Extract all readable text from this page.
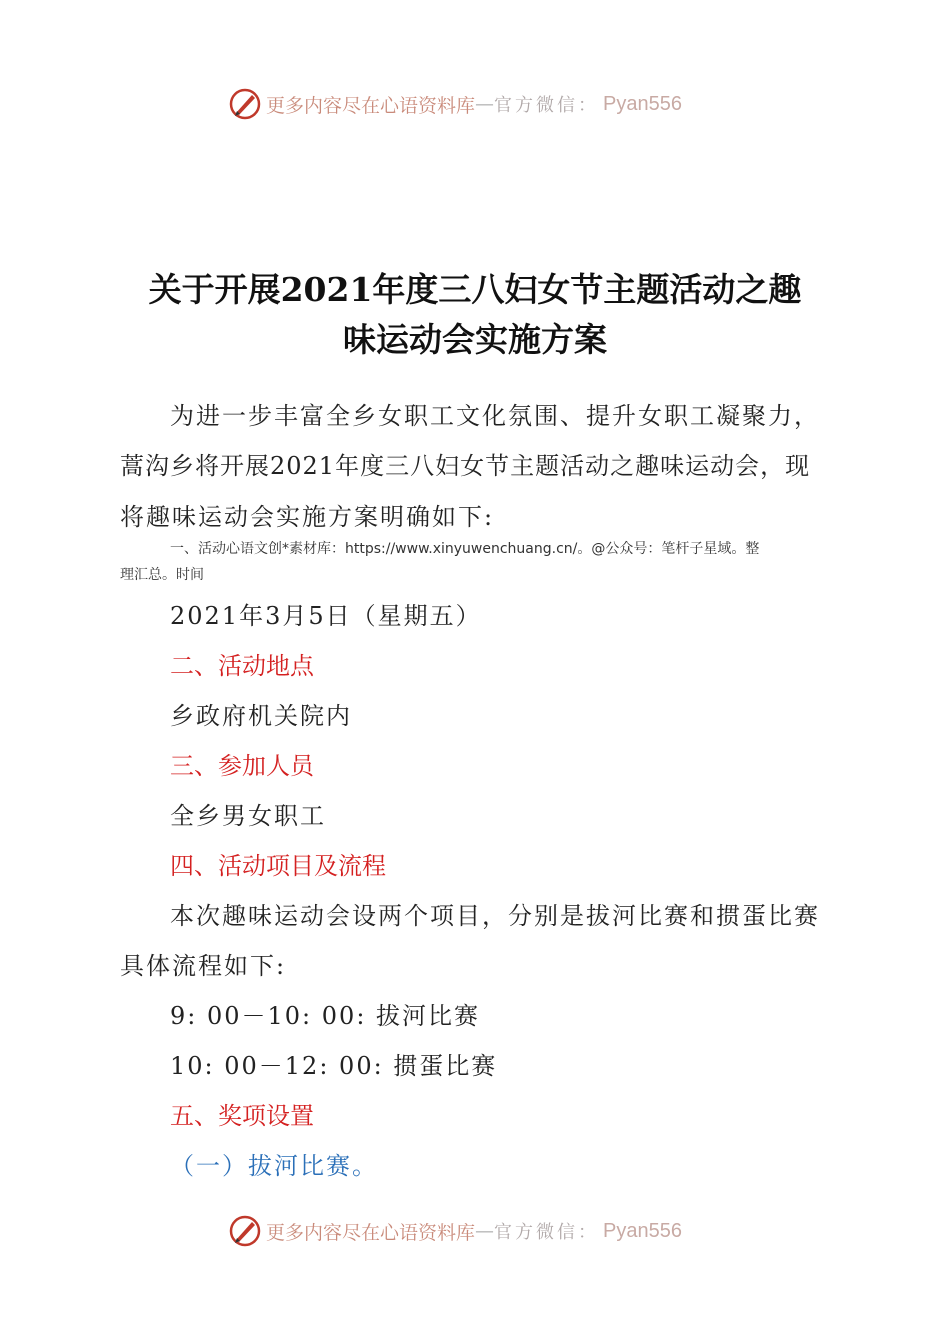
更多内容尽在心语资料库 — 官方微信： Pyan556
关于开展2021年度三八妇女节主题活动之趣
味运动会实施方案
为进一步丰富全乡女职工文化氛围、提升女职工凝聚力，
蒿沟乡将开展2021年度三八妇女节主题活动之趣味运动会，现
将趣味运动会实施方案明确如下:
一、活动心语文创*素材库：https://www.xinyuwenchuang.cn/。@公众号：笔杆子星域。整
理汇总。时间
2021年3月5日（星期五）
二、活动地点
乡政府机关院内
三、参加人员
全乡男女职工
四、活动项目及流程
本次趣味运动会设两个项目，分别是拔河比赛和掼蛋比赛
具体流程如下:
9: 00－10: 00: 拔河比赛
10: 00－12: 00: 掼蛋比赛
五、奖项设置
（一）拔河比赛。
更多内容尽在心语资料库 — 官方微信： Pyan556
